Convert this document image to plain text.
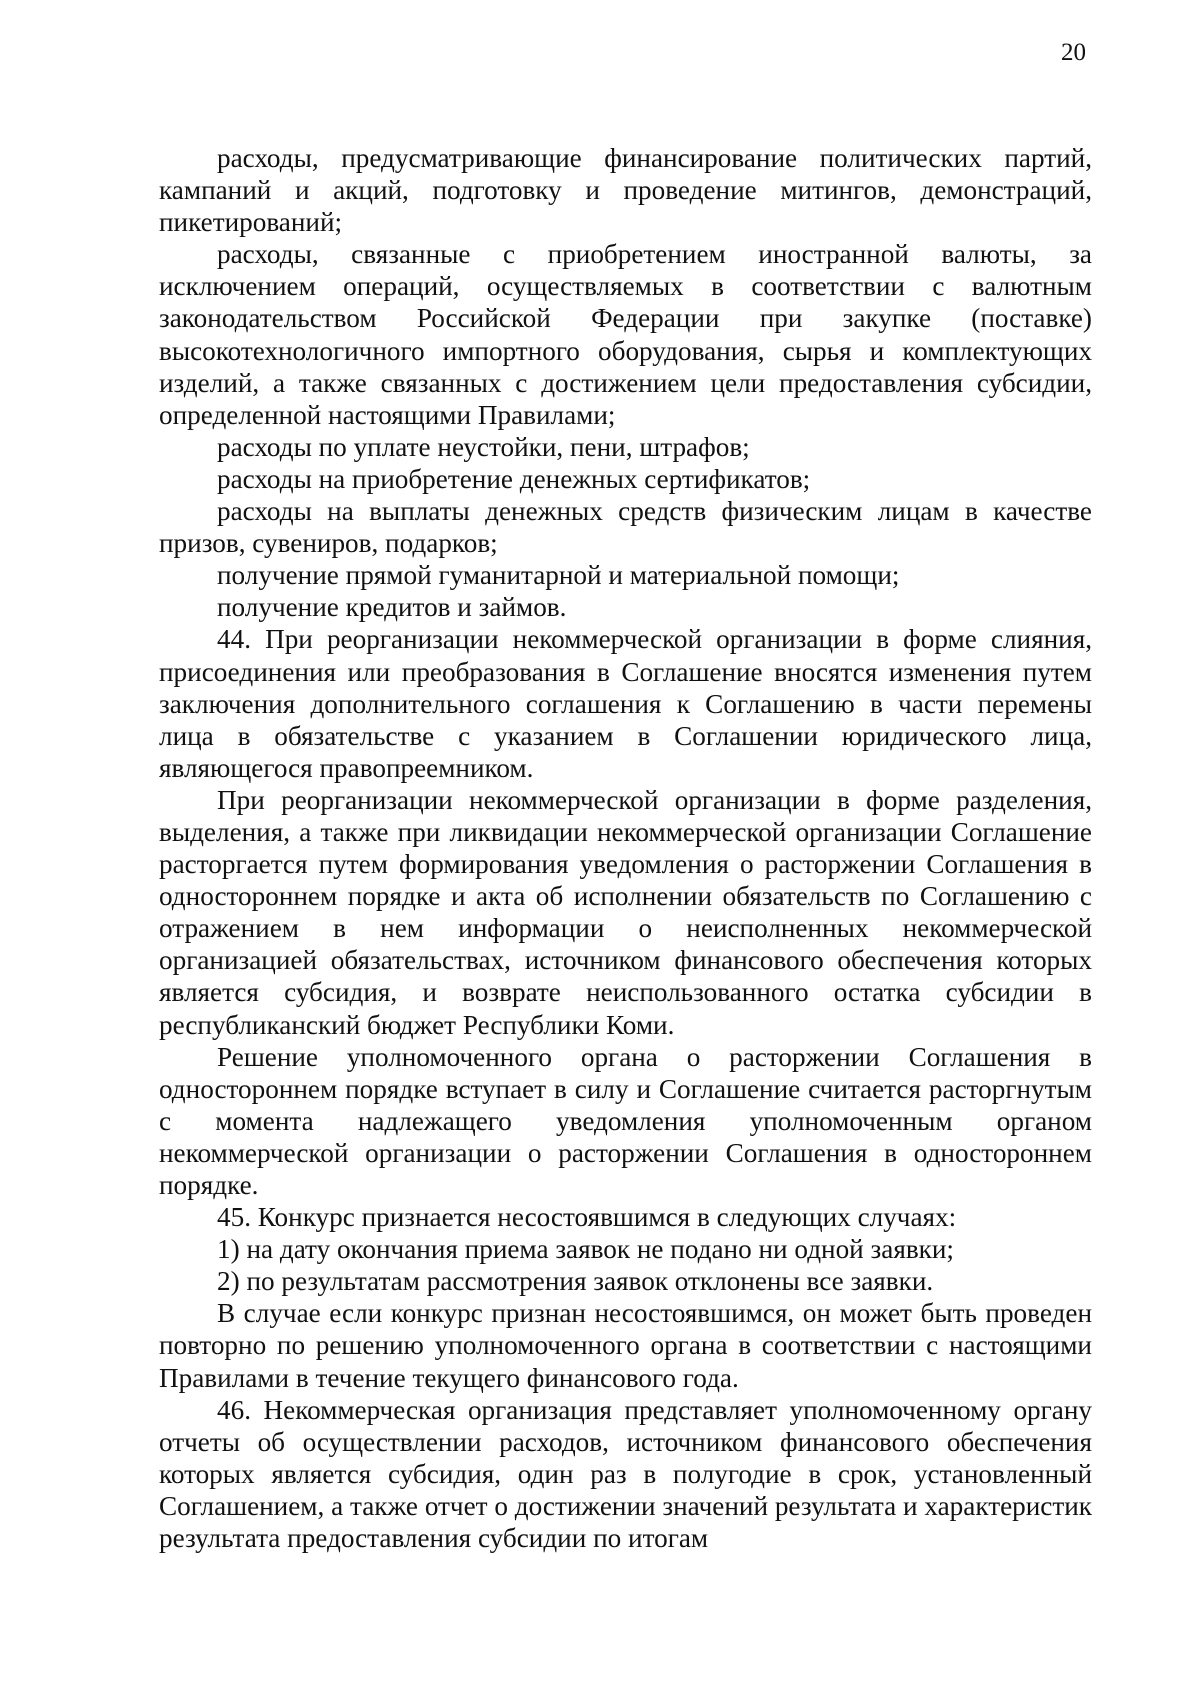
20

расходы, предусматривающие финансирование политических партий, кампаний и акций, подготовку и проведение митингов, демонстраций, пикетирований;

расходы, связанные с приобретением иностранной валюты, за исключением операций, осуществляемых в соответствии с валютным законодательством Российской Федерации при закупке (поставке) высокотехнологичного импортного оборудования, сырья и комплектующих изделий, а также связанных с достижением цели предоставления субсидии, определенной настоящими Правилами;

расходы по уплате неустойки, пени, штрафов;

расходы на приобретение денежных сертификатов;

расходы на выплаты денежных средств физическим лицам в качестве призов, сувениров, подарков;

получение прямой гуманитарной и материальной помощи;

получение кредитов и займов.

44. При реорганизации некоммерческой организации в форме слияния, присоединения или преобразования в Соглашение вносятся изменения путем заключения дополнительного соглашения к Соглашению в части перемены лица в обязательстве с указанием в Соглашении юридического лица, являющегося правопреемником.

При реорганизации некоммерческой организации в форме разделения, выделения, а также при ликвидации некоммерческой организации Соглашение расторгается путем формирования уведомления о расторжении Соглашения в одностороннем порядке и акта об исполнении обязательств по Соглашению с отражением в нем информации о неисполненных некоммерческой организацией обязательствах, источником финансового обеспечения которых является субсидия, и возврате неиспользованного остатка субсидии в республиканский бюджет Республики Коми.

Решение уполномоченного органа о расторжении Соглашения в одностороннем порядке вступает в силу и Соглашение считается расторгнутым с момента надлежащего уведомления уполномоченным органом некоммерческой организации о расторжении Соглашения в одностороннем порядке.

45. Конкурс признается несостоявшимся в следующих случаях:

1) на дату окончания приема заявок не подано ни одной заявки;

2) по результатам рассмотрения заявок отклонены все заявки.

В случае если конкурс признан несостоявшимся, он может быть проведен повторно по решению уполномоченного органа в соответствии с настоящими Правилами в течение текущего финансового года.

46. Некоммерческая организация представляет уполномоченному органу отчеты об осуществлении расходов, источником финансового обеспечения которых является субсидия, один раз в полугодие в срок, установленный Соглашением, а также отчет о достижении значений результата и характеристик результата предоставления субсидии по итогам
